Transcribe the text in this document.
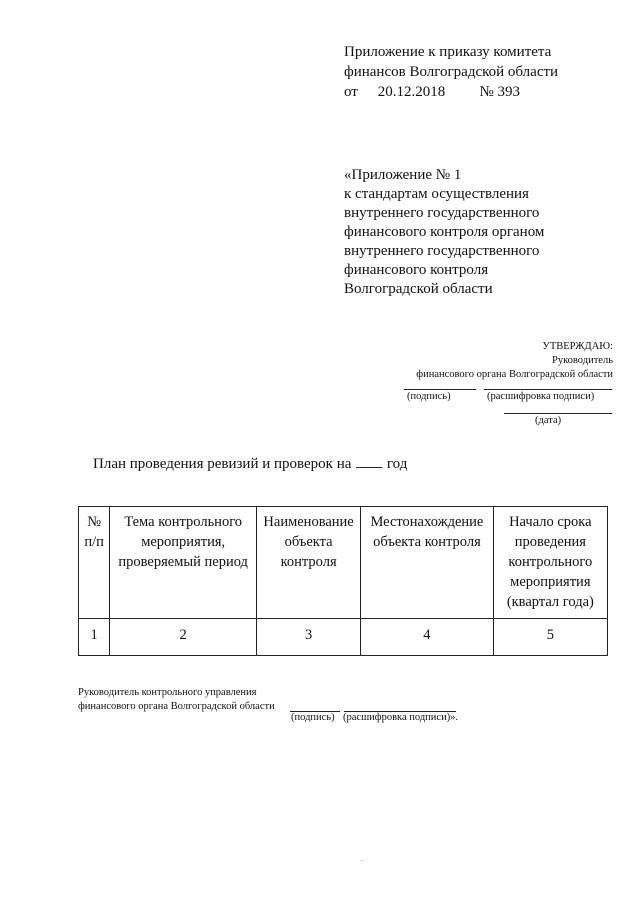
Приложение к приказу комитета
финансов Волгоградской области
от 20.12.2018 № 393
«Приложение № 1
к стандартам осуществления
внутреннего государственного
финансового контроля органом
внутреннего государственного
финансового контроля
Волгоградской области
УТВЕРЖДАЮ:
Руководитель
финансового органа Волгоградской области
(подпись)	(расшифровка подписи)
(дата)
План проведения ревизий и проверок на год
№ п/п	Тема контрольного мероприятия, проверяемый период	Наименование объекта контроля	Местонахождение объекта контроля	Начало срока проведения контрольного мероприятия (квартал года)
1	2	3	4	5
Руководитель контрольного управления
финансового органа Волгоградской области
(подпись) (расшифровка подписи)».
